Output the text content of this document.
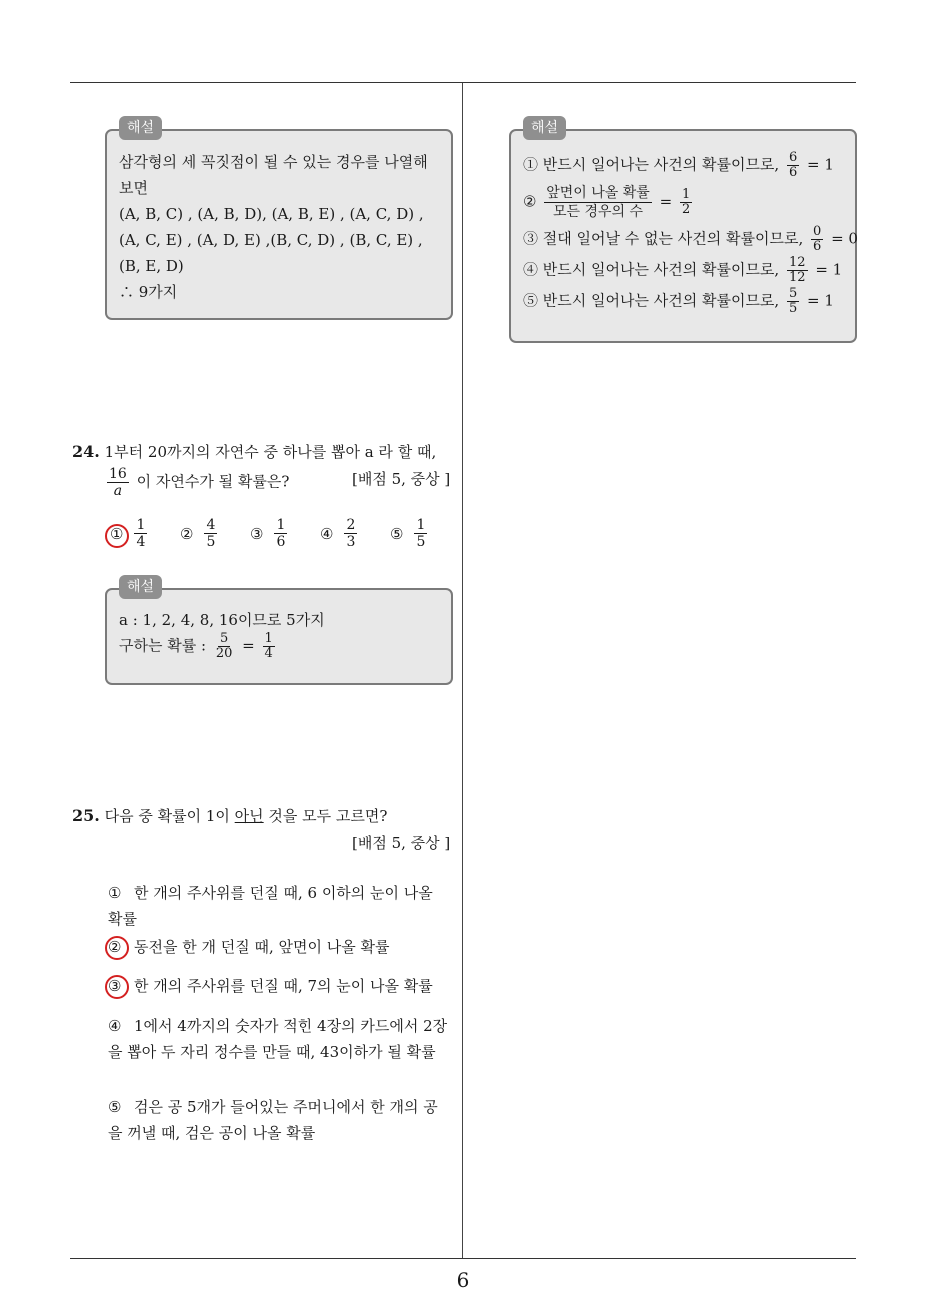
해설
삼각형의 세 꼭짓점이 될 수 있는 경우를 나열해
보면
(A, B, C) , (A, B, D), (A, B, E) , (A, C, D) ,
(A, C, E) , (A, D, E) ,(B, C, D) , (B, C, E) ,
(B, E, D)
∴ 9가지
해설
① 반드시 일어나는 사건의 확률이므로, $\frac{6}{6} = 1$
② $\frac{\text{앞면이 나올 확률}}{\text{모든 경우의 수}} = \frac{1}{2}$
③ 절대 일어날 수 없는 사건의 확률이므로, $\frac{0}{6} = 0$
④ 반드시 일어나는 사건의 확률이므로, $\frac{12}{12} = 1$
⑤ 반드시 일어나는 사건의 확률이므로, $\frac{5}{5} = 1$
24. 1부터 20까지의 자연수 중 하나를 뽑아 a 라 할 때,
$\frac{16}{a}$ 이 자연수가 될 확률은?	[배점 5, 중상 ]
① $\frac{1}{4}$ ② $\frac{4}{5}$ ③ $\frac{1}{6}$ ④ $\frac{2}{3}$ ⑤ $\frac{1}{5}$
해설
a : 1, 2, 4, 8, 16이므로 5가지
구하는 확률 : $\frac{5}{20} = \frac{1}{4}$
25. 다음 중 확률이 1이 아닌 것을 모두 고르면?
[배점 5, 중상 ]
① 한 개의 주사위를 던질 때, 6 이하의 눈이 나올 확률
② 동전을 한 개 던질 때, 앞면이 나올 확률
③ 한 개의 주사위를 던질 때, 7의 눈이 나올 확률
④ 1에서 4까지의 숫자가 적힌 4장의 카드에서 2장을 뽑아 두 자리 정수를 만들 때, 43이하가 될 확률
⑤ 검은 공 5개가 들어있는 주머니에서 한 개의 공을 꺼낼 때, 검은 공이 나올 확률
6
